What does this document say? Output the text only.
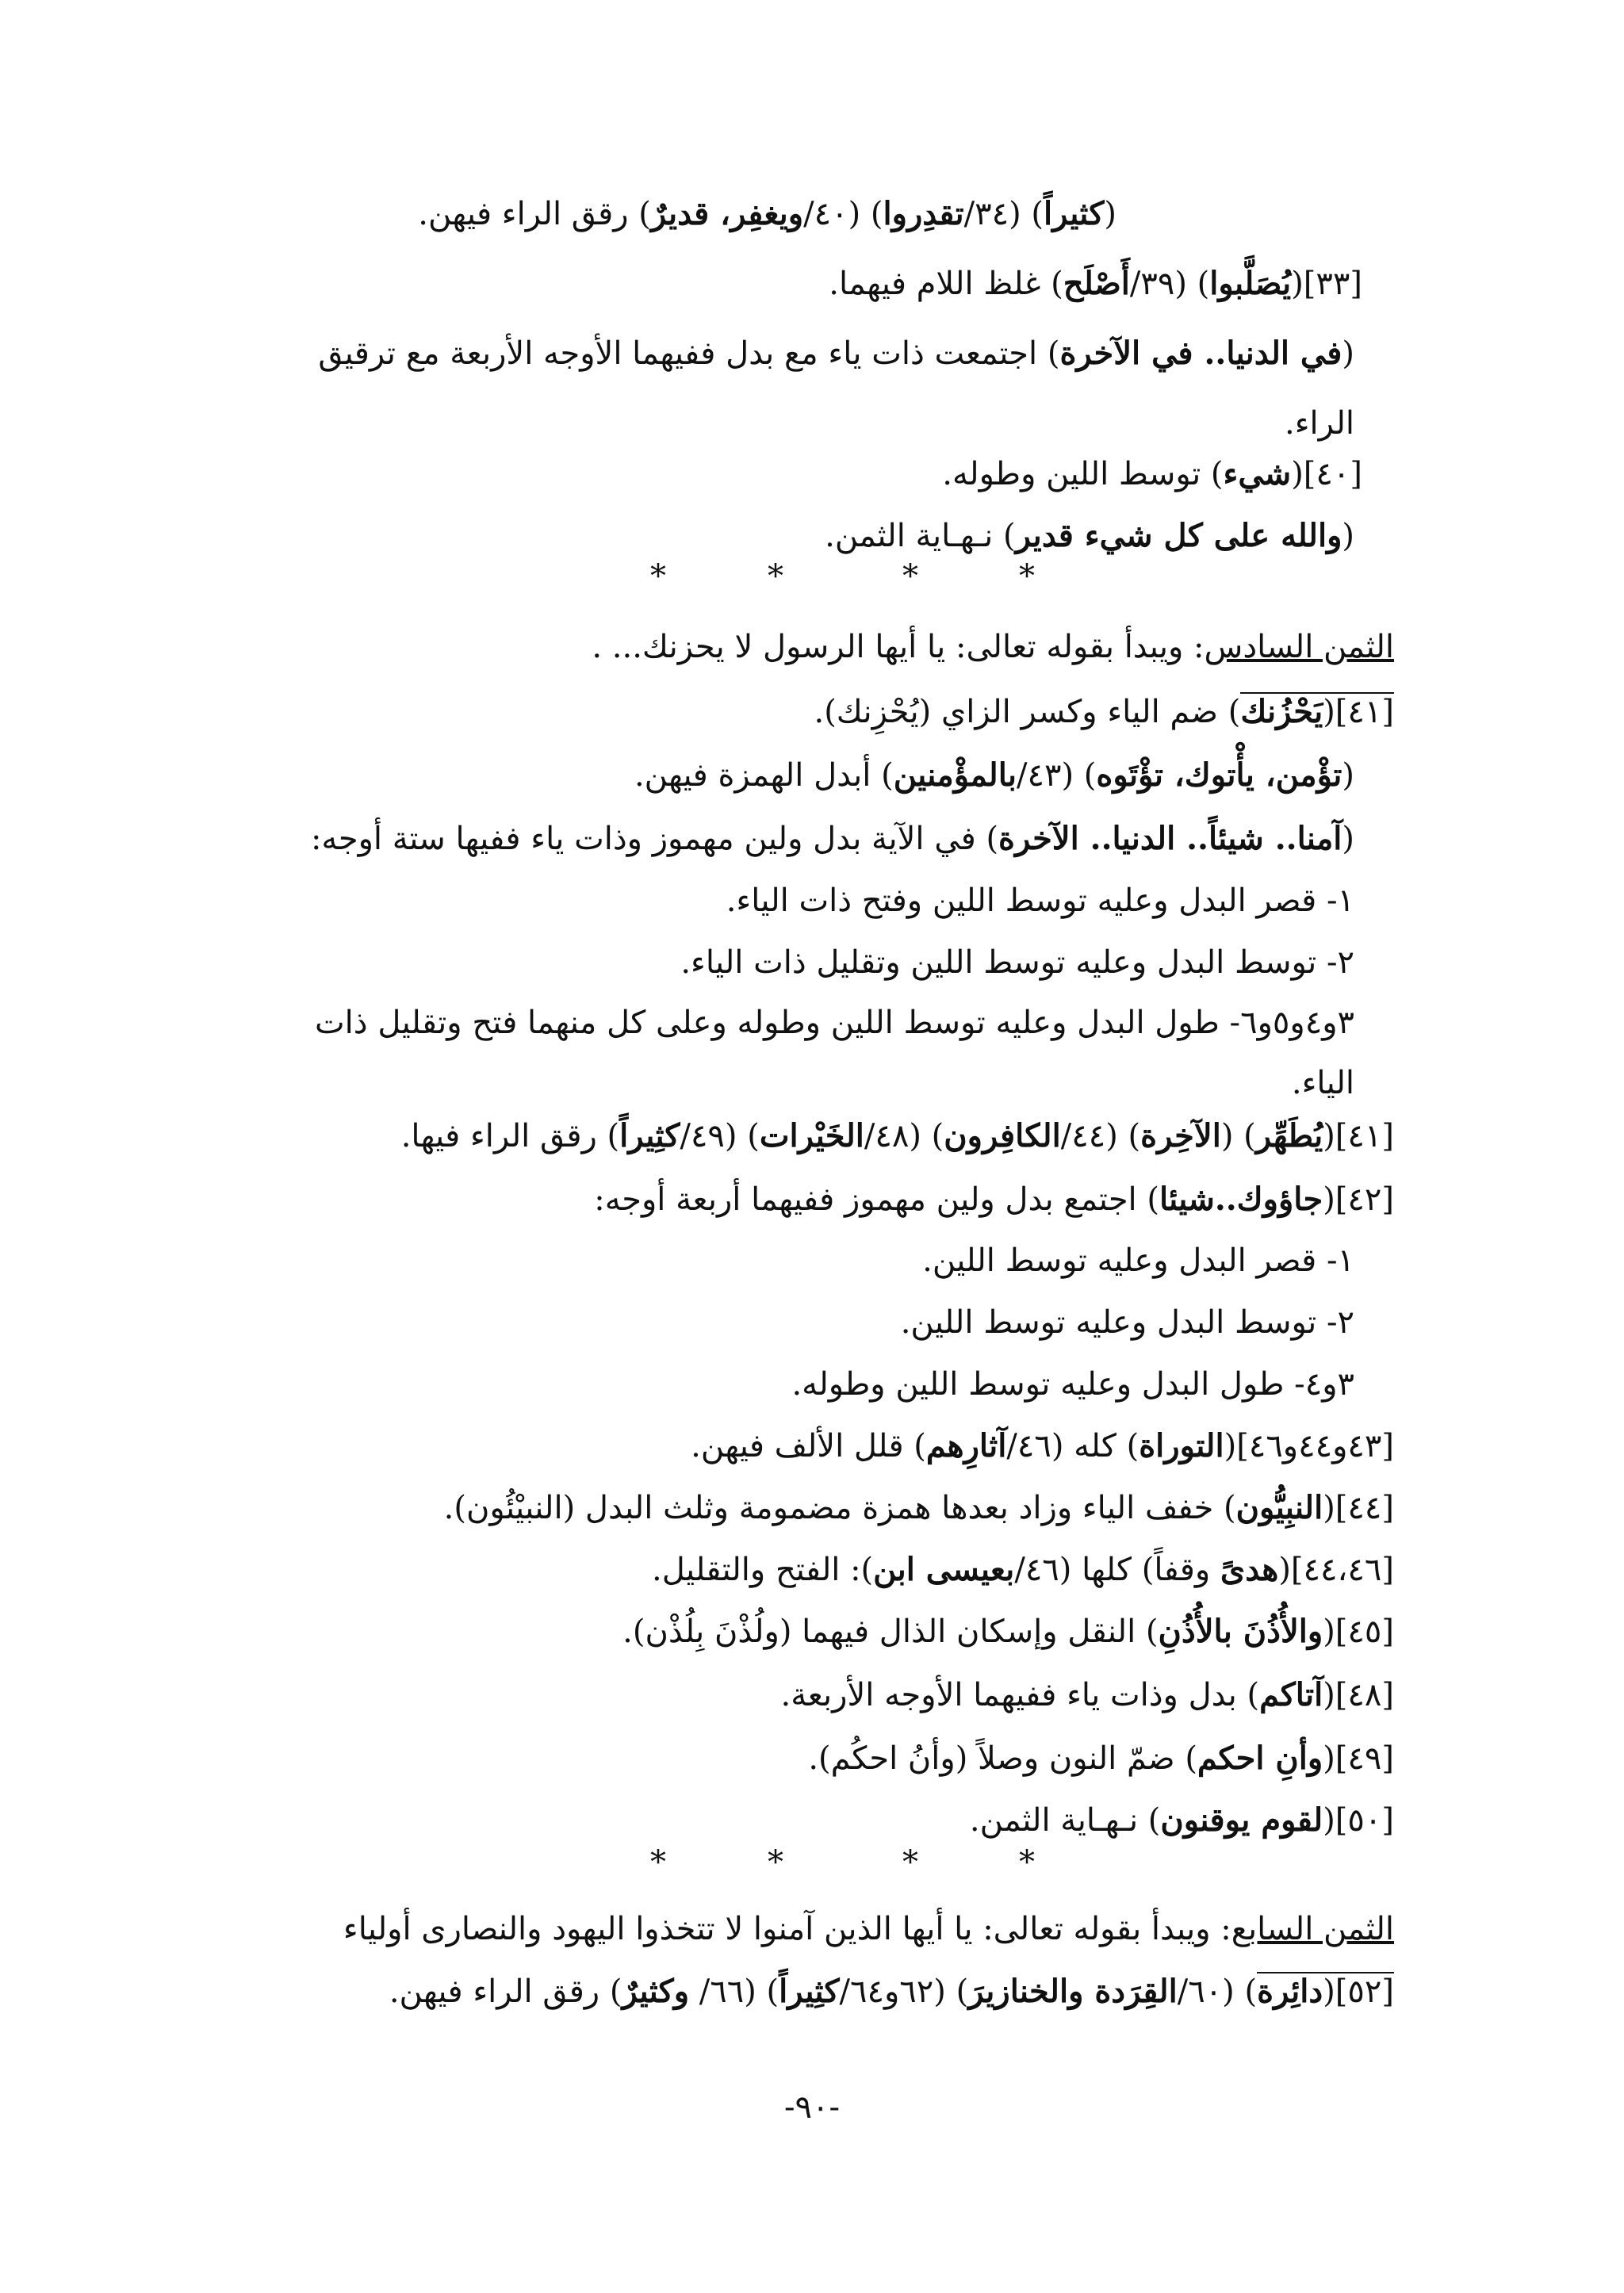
(كثيراً) (٣٤/تقدِروا) (٤٠/ويغفِر، قديرٌ) رقق الراء فيهن.
[٣٣](يُصَلَّبوا) (٣٩/أَصْلَح) غلظ اللام فيهما.
(في الدنيا.. في الآخرة) اجتمعت ذات ياء مع بدل ففيهما الأوجه الأربعة مع ترقيق
الراء.
[٤٠](شيء) توسط اللين وطوله.
(والله على كل شيء قدير) نـهـاية الثمن.
*	*	*	*
الثمن السادس: ويبدأ بقوله تعالى: يا أيها الرسول لا يحزنك... .
[٤١](يَحْزُنك) ضم الياء وكسر الزاي (يُحْزِنك).
(تؤْمن، يأْتوك، تؤْتَوه) (٤٣/بالمؤْمنين) أبدل الهمزة فيهن.
(آمنا.. شيئاً.. الدنيا.. الآخرة) في الآية بدل ولين مهموز وذات ياء ففيها ستة أوجه:
١- قصر البدل وعليه توسط اللين وفتح ذات الياء.
٢- توسط البدل وعليه توسط اللين وتقليل ذات الياء.
٣و٤و٥و٦- طول البدل وعليه توسط اللين وطوله وعلى كل منهما فتح وتقليل ذات
الياء.
[٤١](يُطَهِّر) (الآخِرة) (٤٤/الكافِرون) (٤٨/الخَيْرات) (٤٩/كثِيراً) رقق الراء فيها.
[٤٢](جاؤوك..شيئا) اجتمع بدل ولين مهموز ففيهما أربعة أوجه:
١- قصر البدل وعليه توسط اللين.
٢- توسط البدل وعليه توسط اللين.
٣و٤- طول البدل وعليه توسط اللين وطوله.
[٤٣و٤٤و٤٦](التوراة) كله (٤٦/آثارِهم) قلل الألف فيهن.
[٤٤](النبِيُّون) خفف الياء وزاد بعدها همزة مضمومة وثلث البدل (النبيْئُون).
[٤٤،٤٦](هدىً وقفاً) كلها (٤٦/بعيسى ابن): الفتح والتقليل.
[٤٥](والأُذُنَ بالأُذُنِ) النقل وإسكان الذال فيهما (ولُذْنَ بِلُذْن).
[٤٨](آتاكم) بدل وذات ياء ففيهما الأوجه الأربعة.
[٤٩](وأنِ احكم) ضمّ النون وصلاً (وأنُ احكُم).
[٥٠](لقوم يوقنون) نـهـاية الثمن.
*	*	*	*
الثمن السابع: ويبدأ بقوله تعالى: يا أيها الذين آمنوا لا تتخذوا اليهود والنصارى أولياء
[٥٢](دائِرة) (٦٠/القِرَدة والخنازيرَ) (٦٢و٦٤/كثِيراً) (٦٦/ وكثيرٌ) رقق الراء فيهن.
-٩٠-
